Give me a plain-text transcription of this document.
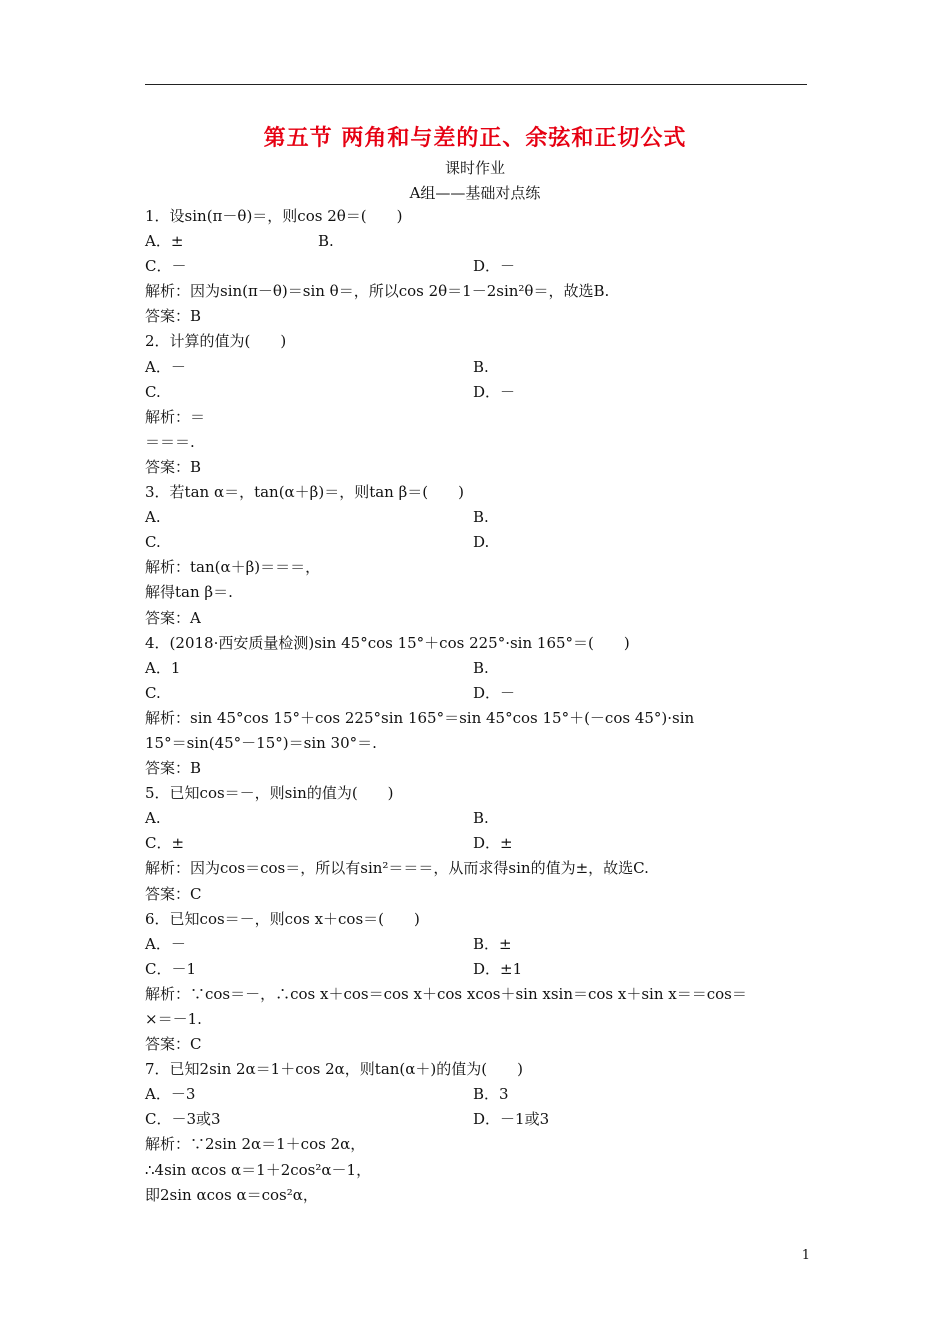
第五节 两角和与差的正、余弦和正切公式
课时作业
A组——基础对点练
1．设sin(π－θ)＝，则cos 2θ＝(　　)
A．±	B.
C．－	D．－
解析：因为sin(π－θ)＝sin θ＝，所以cos 2θ＝1－2sin²θ＝，故选B.
答案：B
2．计算的值为(　　)
A．－	B.
C.	D．－
解析：＝
＝＝＝.
答案：B
3．若tan α＝，tan(α＋β)＝，则tan β＝(　　)
A.	B.
C.	D.
解析：tan(α＋β)＝＝＝，
解得tan β＝.
答案：A
4．(2018·西安质量检测)sin 45°cos 15°＋cos 225°·sin 165°＝(　　)
A．1	B.
C.	D．－
解析：sin 45°cos 15°＋cos 225°sin 165°＝sin 45°cos 15°＋(－cos 45°)·sin
15°＝sin(45°－15°)＝sin 30°＝.
答案：B
5．已知cos＝－，则sin的值为(　　)
A.	B.
C．±	D．±
解析：因为cos＝cos＝，所以有sin²＝＝＝，从而求得sin的值为±，故选C.
答案：C
6．已知cos＝－，则cos x＋cos＝(　　)
A．－	B．±
C．－1	D．±1
解析：∵cos＝－，∴cos x＋cos＝cos x＋cos xcos＋sin xsin＝cos x＋sin x＝＝cos＝
×＝－1.
答案：C
7．已知2sin 2α＝1＋cos 2α，则tan(α＋)的值为(　　)
A．－3	B．3
C．－3或3	D．－1或3
解析：∵2sin 2α＝1＋cos 2α，
∴4sin αcos α＝1＋2cos²α－1，
即2sin αcos α＝cos²α，
1
